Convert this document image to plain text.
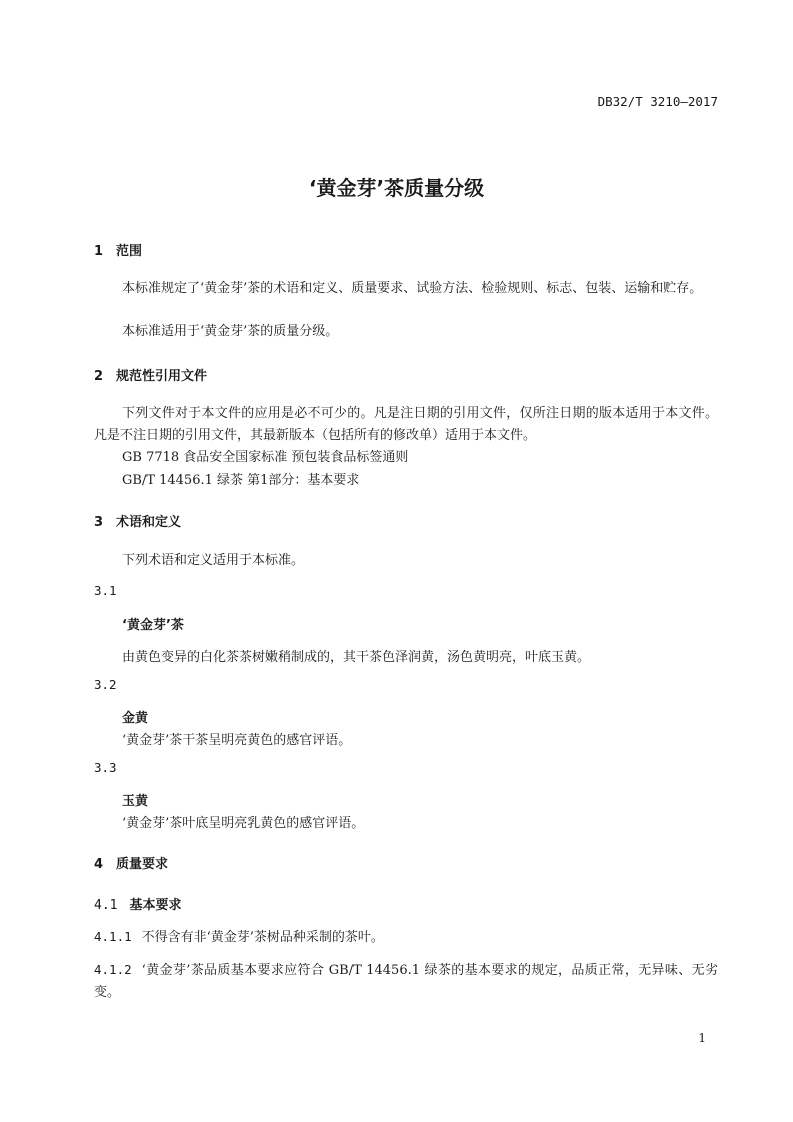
DB32/T 3210—2017
‘黄金芽’茶质量分级
1 范围
本标准规定了‘黄金芽’茶的术语和定义、质量要求、试验方法、检验规则、标志、包装、运输和贮存。
本标准适用于‘黄金芽’茶的质量分级。
2 规范性引用文件
下列文件对于本文件的应用是必不可少的。凡是注日期的引用文件，仅所注日期的版本适用于本文件。凡是不注日期的引用文件，其最新版本（包括所有的修改单）适用于本文件。
GB 7718 食品安全国家标准 预包装食品标签通则
GB/T 14456.1 绿茶 第1部分：基本要求
3 术语和定义
下列术语和定义适用于本标准。
3.1
‘黄金芽’茶
由黄色变异的白化茶茶树嫩稍制成的，其干茶色泽润黄，汤色黄明亮，叶底玉黄。
3.2
金黄
‘黄金芽’茶干茶呈明亮黄色的感官评语。
3.3
玉黄
‘黄金芽’茶叶底呈明亮乳黄色的感官评语。
4 质量要求
4.1 基本要求
4.1.1 不得含有非‘黄金芽’茶树品种采制的茶叶。
4.1.2 ‘黄金芽’茶品质基本要求应符合 GB/T 14456.1 绿茶的基本要求的规定，品质正常，无异味、无劣变。
1
